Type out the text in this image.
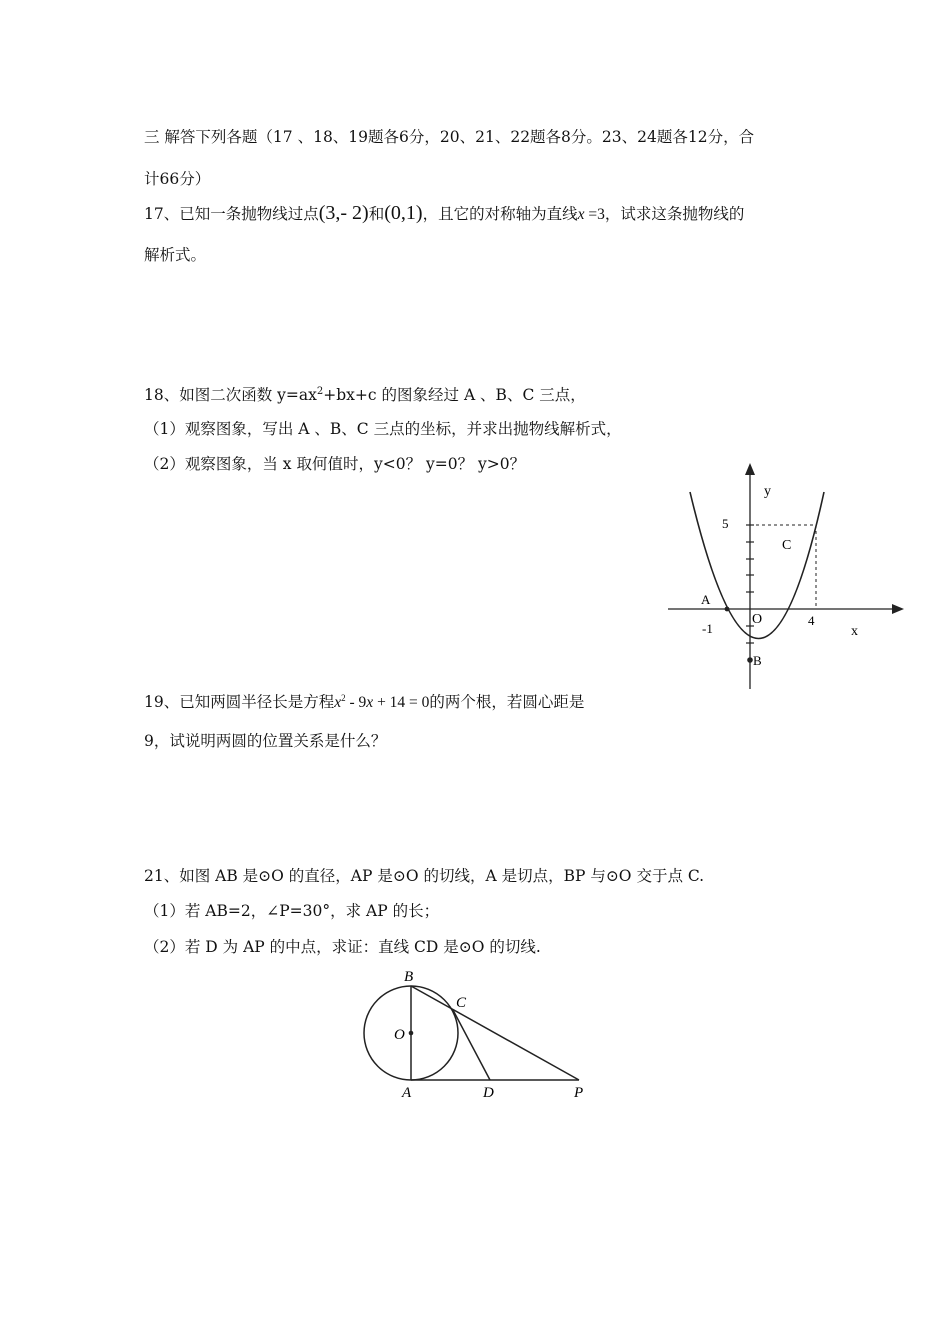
三 解答下列各题（17 、18、19题各6分，20、21、22题各8分。23、24题各12分，合
计66分）
17、已知一条抛物线过点(3,- 2)和(0,1)，且它的对称轴为直线x =3，试求这条抛物线的
解析式。
18、如图二次函数 $y=ax^2+bx+c$ 的图象经过 A 、B、C 三点，
（1）观察图象，写出 A 、B、C 三点的坐标，并求出抛物线解析式，
（2）观察图象，当 x 取何值时，y<0？ y=0？ y>0？
y
5
C
A
O	4
-1	x
B
19、已知两圆半径长是方程$x^2 - 9x + 14 = 0$的两个根，若圆心距是
9，试说明两圆的位置关系是什么？
21、如图 AB 是⊙O 的直径，AP 是⊙O 的切线，A 是切点，BP 与⊙O 交于点 C.
（1）若 AB=2，∠P=30°，求 AP 的长；
（2）若 D 为 AP 的中点，求证：直线 CD 是⊙O 的切线.
B
C
O
A	D	P
